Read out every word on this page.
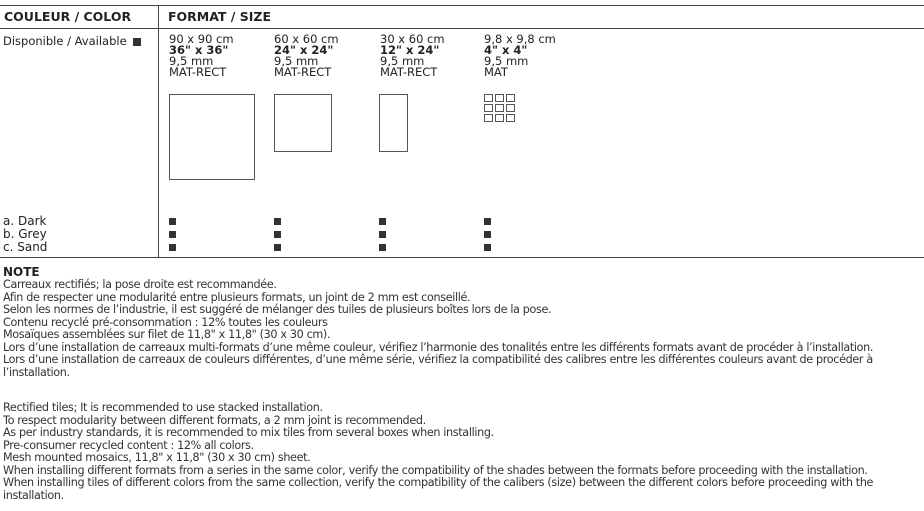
COULEUR / COLOR	FORMAT / SIZE
Disponible / Available	90 x 90 cm
36" x 36"
9,5 mm
MAT-RECT
60 x 60 cm
24" x 24"
9,5 mm
MAT-RECT
30 x 60 cm
12" x 24"
9,5 mm
MAT-RECT
9,8 x 9,8 cm
4" x 4"
9,5 mm
MAT
a. Dark
b. Grey
c. Sand
NOTE
Carreaux rectifiés; la pose droite est recommandée.
Afin de respecter une modularité entre plusieurs formats, un joint de 2 mm est conseillé.
Selon les normes de l’industrie, il est suggéré de mélanger des tuiles de plusieurs boîtes lors de la pose.
Contenu recyclé pré-consommation : 12% toutes les couleurs
Mosaïques assemblées sur filet de 11,8" x 11,8" (30 x 30 cm).
Lors d’une installation de carreaux multi-formats d’une même couleur, vérifiez l’harmonie des tonalités entre les différents formats avant de procéder à l’installation.
Lors d’une installation de carreaux de couleurs différentes, d’une même série, vérifiez la compatibilité des calibres entre les différentes couleurs avant de procéder à l’installation.
Rectified tiles; It is recommended to use stacked installation.
To respect modularity between different formats, a 2 mm joint is recommended.
As per industry standards, it is recommended to mix tiles from several boxes when installing.
Pre-consumer recycled content : 12% all colors.
Mesh mounted mosaics, 11,8" x 11,8" (30 x 30 cm) sheet.
When installing different formats from a series in the same color, verify the compatibility of the shades between the formats before proceeding with the installation.
When installing tiles of different colors from the same collection, verify the compatibility of the calibers (size) between the different colors before proceeding with the installation.
